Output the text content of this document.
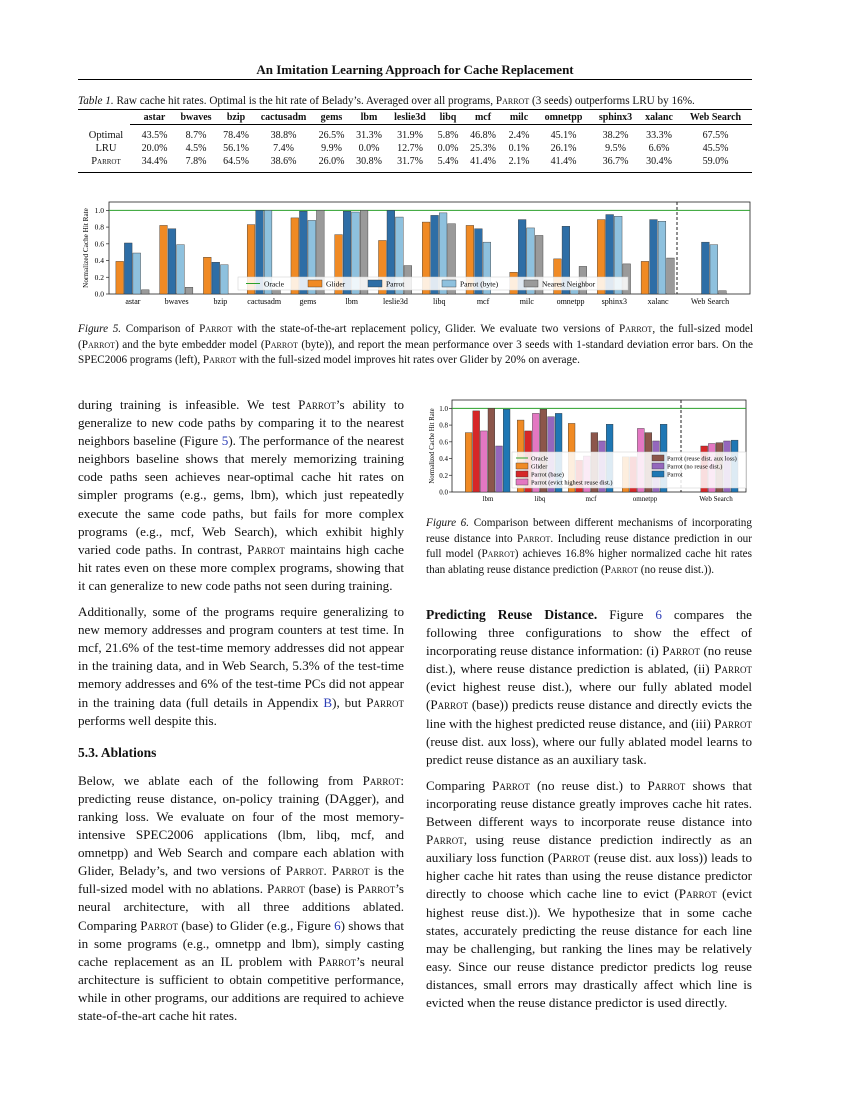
An Imitation Learning Approach for Cache Replacement
Table 1. Raw cache hit rates. Optimal is the hit rate of Belady’s. Averaged over all programs, Parrot (3 seeds) outperforms LRU by 16%.
	astar	bwaves	bzip	cactusadm	gems	lbm	leslie3d	libq	mcf	milc	omnetpp	sphinx3	xalanc	Web Search
Optimal	43.5%	8.7%	78.4%	38.8%	26.5%	31.3%	31.9%	5.8%	46.8%	2.4%	45.1%	38.2%	33.3%	67.5%
LRU	20.0%	4.5%	56.1%	7.4%	9.9%	0.0%	12.7%	0.0%	25.3%	0.1%	26.1%	9.5%	6.6%	45.5%
Parrot	34.4%	7.8%	64.5%	38.6%	26.0%	30.8%	31.7%	5.4%	41.4%	2.1%	41.4%	36.7%	30.4%	59.0%
0.0
0.2
0.4
0.6
0.8
1.0
Normalized Cache Hit Rate
astar	bwaves	bzip cactusadm gems	lbm	leslie3d	libq	mcf	milc	omnetpp sphinx3	xalanc	Web Search
Oracle	Glider	Parrot	Parrot (byte)	Nearest Neighbor
Figure 5. Comparison of Parrot with the state-of-the-art replacement policy, Glider. We evaluate two versions of Parrot, the full-sized model (Parrot) and the byte embedder model (Parrot (byte)), and report the mean performance over 3 seeds with 1-standard deviation error bars. On the SPEC2006 programs (left), Parrot with the full-sized model improves hit rates over Glider by 20% on average.

during training is infeasible. We test Parrot’s ability to generalize to new code paths by comparing it to the nearest neighbors baseline (Figure 5). The performance of the nearest neighbors baseline shows that merely memorizing training code paths seen achieves near-optimal cache hit rates on simpler programs (e.g., gems, lbm), which just repeatedly execute the same code paths, but fails for more complex programs (e.g., mcf, Web Search), which exhibit highly varied code paths. In contrast, Parrot maintains high cache hit rates even on these more complex programs, showing that it can generalize to new code paths not seen during training.

Additionally, some of the programs require generalizing to new memory addresses and program counters at test time. In mcf, 21.6% of the test-time memory addresses did not appear in the training data, and in Web Search, 5.3% of the test-time memory addresses and 6% of the test-time PCs did not appear in the training data (full details in Appendix B), but Parrot performs well despite this.

5.3. Ablations

Below, we ablate each of the following from Parrot: predicting reuse distance, on-policy training (DAgger), and ranking loss. We evaluate on four of the most memory-intensive SPEC2006 applications (lbm, libq, mcf, and omnetpp) and Web Search and compare each ablation with Glider, Belady’s, and two versions of Parrot. Parrot is the full-sized model with no ablations. Parrot (base) is Parrot’s neural architecture, with all three additions ablated. Comparing Parrot (base) to Glider (e.g., Figure 6) shows that in some programs (e.g., omnetpp and lbm), simply casting cache replacement as an IL problem with Parrot’s neural architecture is sufficient to obtain competitive performance, while in other programs, our additions are required to achieve state-of-the-art cache hit rates.

0.0
0.2
0.4
0.6
0.8
1.0
Normalized Cache Hit Rate
lbm	libq	mcf	omnetpp	Web Search
Oracle
Glider
Parrot (base)
Parrot (evict highest reuse dist.)
Parrot (reuse dist. aux loss)
Parrot (no reuse dist.)
Parrot
Figure 6. Comparison between different mechanisms of incorporating reuse distance into Parrot. Including reuse distance prediction in our full model (Parrot) achieves 16.8% higher normalized cache hit rates than ablating reuse distance prediction (Parrot (no reuse dist.)).

Predicting Reuse Distance. Figure 6 compares the following three configurations to show the effect of incorporating reuse distance information: (i) Parrot (no reuse dist.), where reuse distance prediction is ablated, (ii) Parrot (evict highest reuse dist.), where our fully ablated model (Parrot (base)) predicts reuse distance and directly evicts the line with the highest predicted reuse distance, and (iii) Parrot (reuse dist. aux loss), where our fully ablated model learns to predict reuse distance as an auxiliary task.

Comparing Parrot (no reuse dist.) to Parrot shows that incorporating reuse distance greatly improves cache hit rates. Between different ways to incorporate reuse distance into Parrot, using reuse distance prediction indirectly as an auxiliary loss function (Parrot (reuse dist. aux loss)) leads to higher cache hit rates than using the reuse distance predictor directly to choose which cache line to evict (Parrot (evict highest reuse dist.)). We hypothesize that in some cache states, accurately predicting the reuse distance for each line may be challenging, but ranking the lines may be relatively easy. Since our reuse distance predictor predicts log reuse distances, small errors may drastically affect which line is evicted when the reuse distance predictor is used directly.
